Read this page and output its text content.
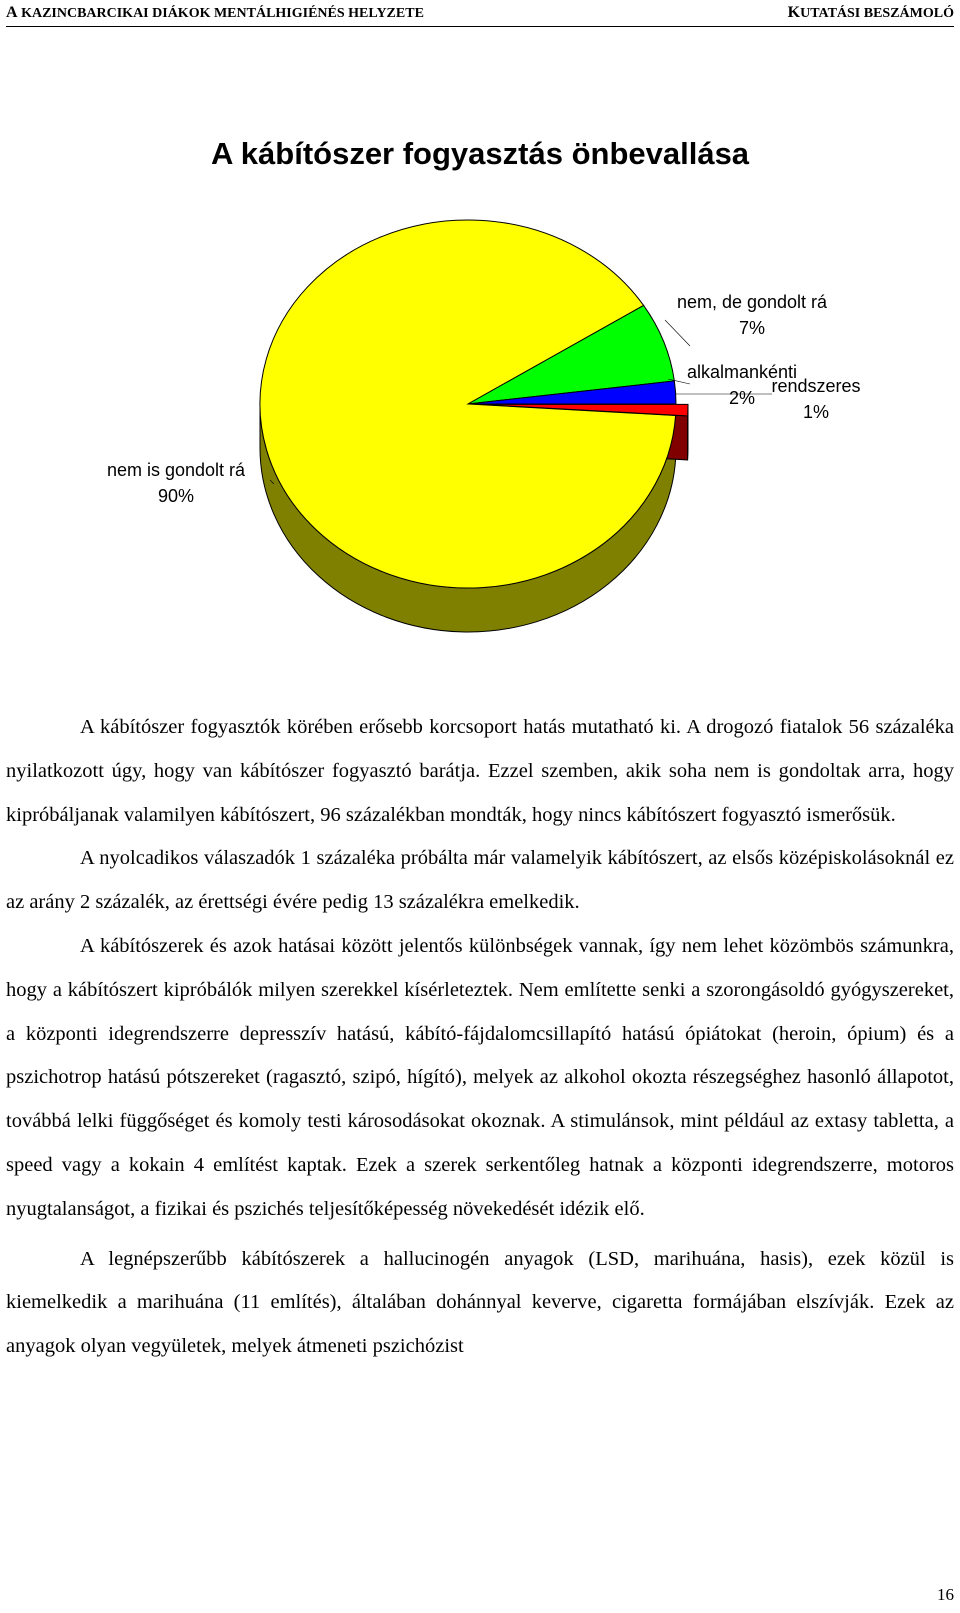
A KAZINCBARCIKAI DIÁKOK MENTÁLHIGIÉNÉS HELYZETE	KUTATÁSI BESZÁMOLÓ
A kábítószer fogyasztás önbevallása
nem is gondolt rá
90%
nem, de gondolt rá
7%
alkalmankénti
2%
rendszeres
1%

A kábítószer fogyasztók körében erősebb korcsoport hatás mutatható ki. A drogozó fiatalok 56 százaléka nyilatkozott úgy, hogy van kábítószer fogyasztó barátja. Ezzel szemben, akik soha nem is gondoltak arra, hogy kipróbáljanak valamilyen kábítószert, 96 százalékban mondták, hogy nincs kábítószert fogyasztó ismerősük.

A nyolcadikos válaszadók 1 százaléka próbálta már valamelyik kábítószert, az elsős középiskolásoknál ez az arány 2 százalék, az érettségi évére pedig 13 százalékra emelkedik.

A kábítószerek és azok hatásai között jelentős különbségek vannak, így nem lehet közömbös számunkra, hogy a kábítószert kipróbálók milyen szerekkel kísérleteztek. Nem említette senki a szorongásoldó gyógyszereket, a központi idegrendszerre depresszív hatású, kábító-fájdalomcsillapító hatású ópiátokat (heroin, ópium) és a pszichotrop hatású pótszereket (ragasztó, szipó, hígító), melyek az alkohol okozta részegséghez hasonló állapotot, továbbá lelki függőséget és komoly testi károsodásokat okoznak. A stimulánsok, mint például az extasy tabletta, a speed vagy a kokain 4 említést kaptak. Ezek a szerek serkentőleg hatnak a központi idegrendszerre, motoros nyugtalanságot, a fizikai és pszichés teljesítőképesség növekedését idézik elő.

A legnépszerűbb kábítószerek a hallucinogén anyagok (LSD, marihuána, hasis), ezek közül is kiemelkedik a marihuána (11 említés), általában dohánnyal keverve, cigaretta formájában elszívják. Ezek az anyagok olyan vegyületek, melyek átmeneti pszichózist

16
